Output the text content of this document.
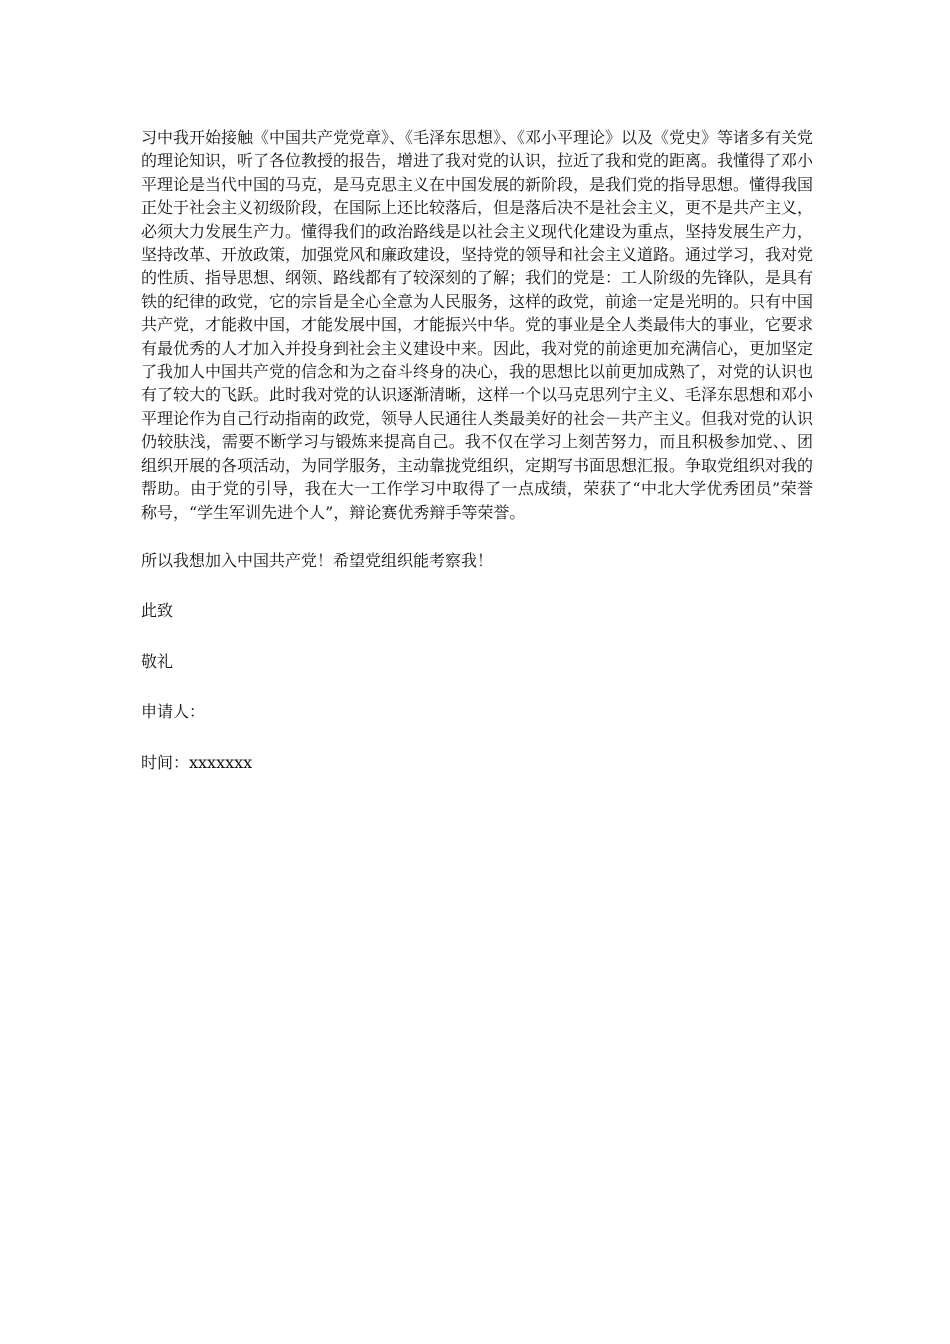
习中我开始接触《中国共产党党章》、《毛泽东思想》、《邓小平理论》以及《党史》等诸多有关党的理论知识，听了各位教授的报告，增进了我对党的认识，拉近了我和党的距离。我懂得了邓小平理论是当代中国的马克，是马克思主义在中国发展的新阶段，是我们党的指导思想。懂得我国正处于社会主义初级阶段，在国际上还比较落后，但是落后决不是社会主义，更不是共产主义，必须大力发展生产力。懂得我们的政治路线是以社会主义现代化建设为重点，坚持发展生产力，坚持改革、开放政策，加强党风和廉政建设，坚持党的领导和社会主义道路。通过学习，我对党的性质、指导思想、纲领、路线都有了较深刻的了解；我们的党是：工人阶级的先锋队，是具有铁的纪律的政党，它的宗旨是全心全意为人民服务，这样的政党，前途一定是光明的。只有中国共产党，才能救中国，才能发展中国，才能振兴中华。党的事业是全人类最伟大的事业，它要求有最优秀的人才加入并投身到社会主义建设中来。因此，我对党的前途更加充满信心，更加坚定了我加人中国共产党的信念和为之奋斗终身的决心，我的思想比以前更加成熟了，对党的认识也有了较大的飞跃。此时我对党的认识逐渐清晰，这样一个以马克思列宁主义、毛泽东思想和邓小平理论作为自己行动指南的政党，领导人民通往人类最美好的社会－共产主义。但我对党的认识仍较肤浅，需要不断学习与锻炼来提高自己。我不仅在学习上刻苦努力，而且积极参加党、、团组织开展的各项活动，为同学服务，主动靠拢党组织，定期写书面思想汇报。争取党组织对我的帮助。由于党的引导，我在大一工作学习中取得了一点成绩，荣获了“中北大学优秀团员”荣誉称号，“学生军训先进个人”，辩论赛优秀辩手等荣誉。

所以我想加入中国共产党！希望党组织能考察我！

此致

敬礼

申请人：

时间：xxxxxxx
